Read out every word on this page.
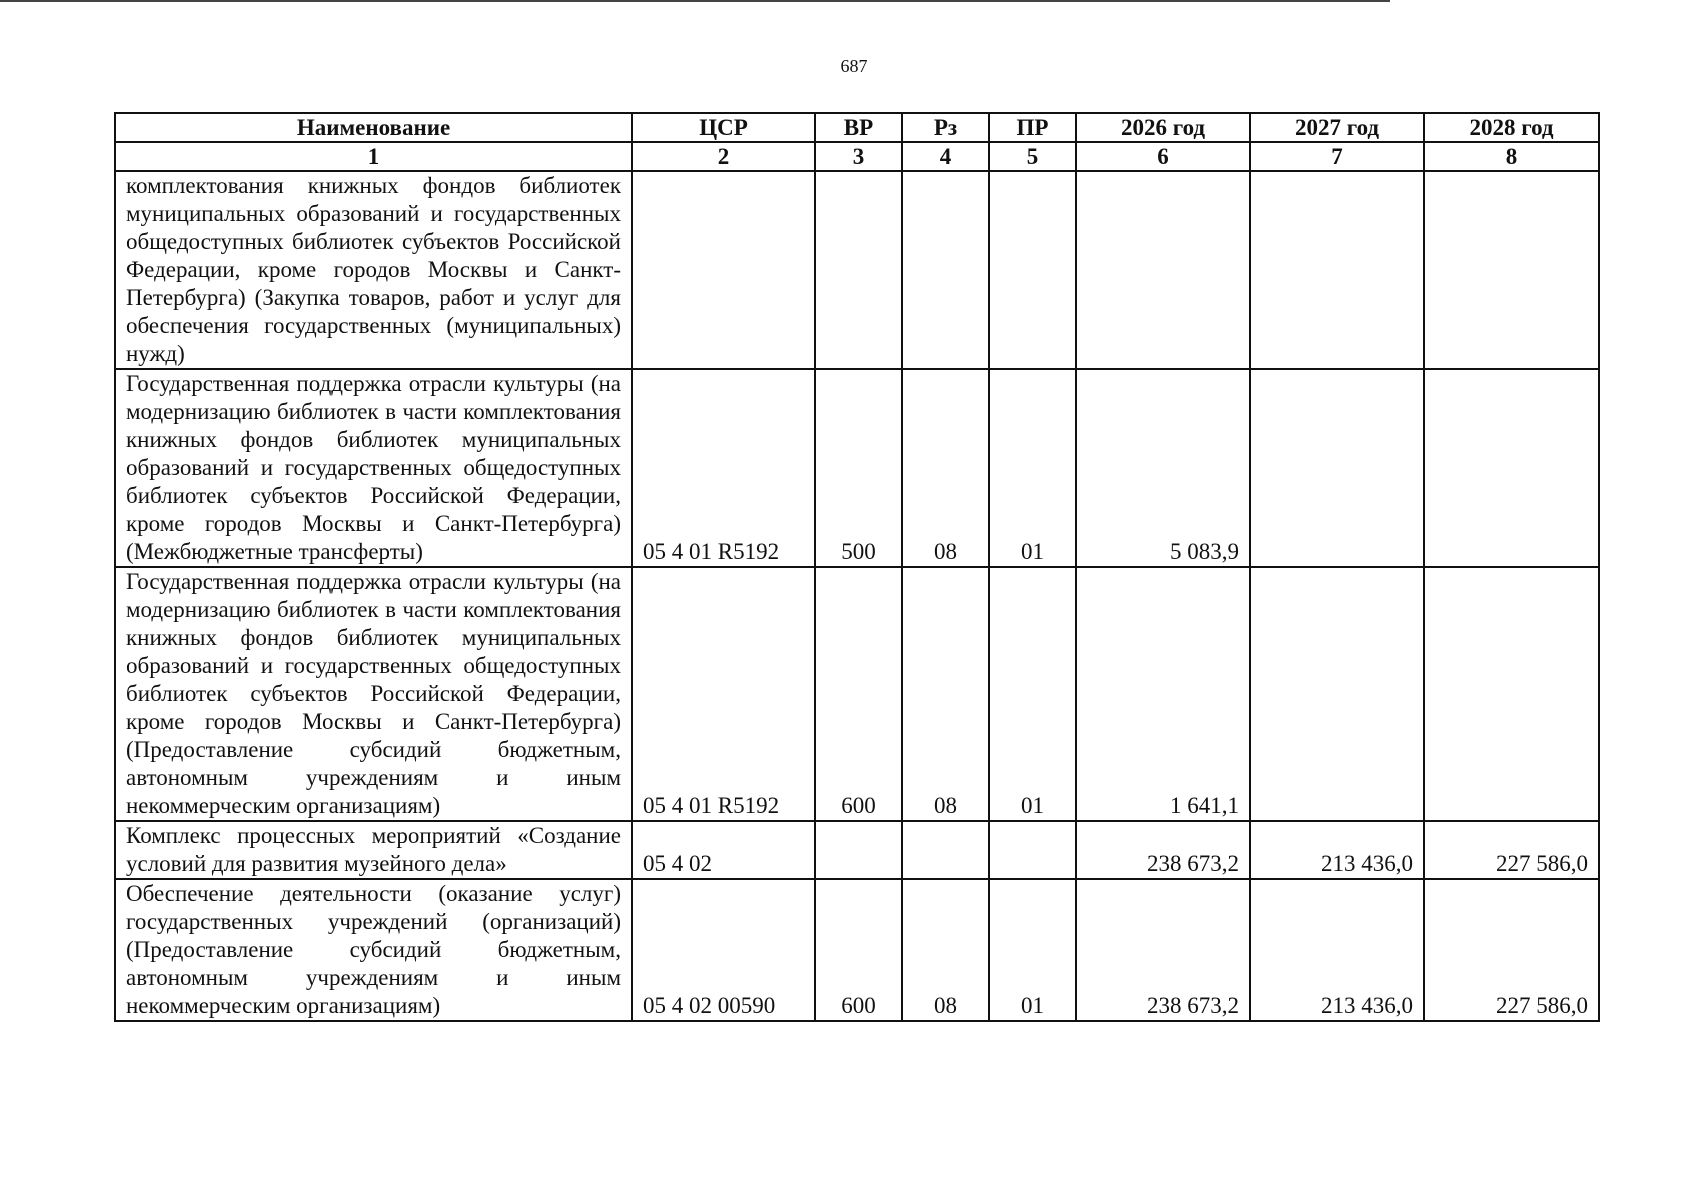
687
Наименование	ЦСР	ВР	Рз	ПР	2026 год	2027 год	2028 год
1	2	3	4	5	6	7	8
комплектования книжных фондов библиотек муниципальных образований и государственных общедоступных библиотек субъектов Российской Федерации, кроме городов Москвы и Санкт-Петербурга) (Закупка товаров, работ и услуг для обеспечения государственных (муниципальных) нужд)							
Государственная поддержка отрасли культуры (на модернизацию библиотек в части комплектования книжных фондов библиотек муниципальных образований и государственных общедоступных библиотек субъектов Российской Федерации, кроме городов Москвы и Санкт-Петербурга) (Межбюджетные трансферты)	05 4 01 R5192	500	08	01	5 083,9		
Государственная поддержка отрасли культуры (на модернизацию библиотек в части комплектования книжных фондов библиотек муниципальных образований и государственных общедоступных библиотек субъектов Российской Федерации, кроме городов Москвы и Санкт-Петербурга) (Предоставление субсидий бюджетным, автономным учреждениям и иным некоммерческим организациям)	05 4 01 R5192	600	08	01	1 641,1		
Комплекс процессных мероприятий «Создание условий для развития музейного дела»	05 4 02				238 673,2	213 436,0	227 586,0
Обеспечение деятельности (оказание услуг) государственных учреждений (организаций) (Предоставление субсидий бюджетным, автономным учреждениям и иным некоммерческим организациям)	05 4 02 00590	600	08	01	238 673,2	213 436,0	227 586,0
